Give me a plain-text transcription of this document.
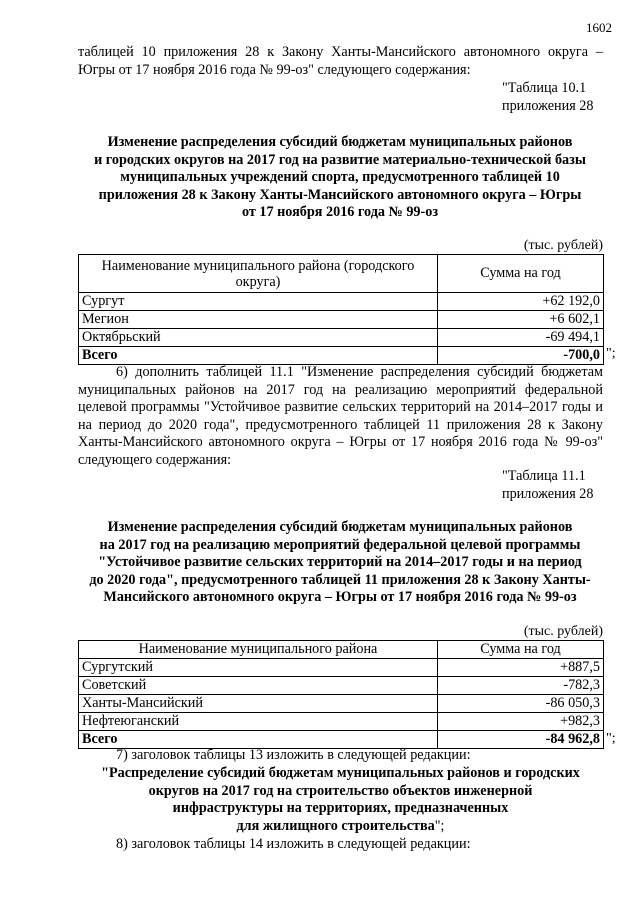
1602
таблицей 10 приложения 28 к Закону Ханты-Мансийского автономного округа – Югры от 17 ноября 2016 года № 99-оз" следующего содержания:
"Таблица 10.1
приложения 28
Изменение распределения субсидий бюджетам муниципальных районов
и городских округов на 2017 год на развитие материально-технической базы
муниципальных учреждений спорта, предусмотренного таблицей 10
приложения 28 к Закону Ханты-Мансийского автономного округа – Югры
от 17 ноября 2016 года № 99-оз
(тыс. рублей)
Наименование муниципального района (городского округа)	Сумма на год
Сургут	+62 192,0
Мегион	+6 602,1
Октябрьский	-69 494,1
Всего	-700,0 ";
6) дополнить таблицей 11.1 "Изменение распределения субсидий бюджетам муниципальных районов на 2017 год на реализацию мероприятий федеральной целевой программы "Устойчивое развитие сельских территорий на 2014–2017 годы и на период до 2020 года", предусмотренного таблицей 11 приложения 28 к Закону Ханты-Мансийского автономного округа – Югры от 17 ноября 2016 года № 99-оз" следующего содержания:
"Таблица 11.1
приложения 28
Изменение распределения субсидий бюджетам муниципальных районов
на 2017 год на реализацию мероприятий федеральной целевой программы
"Устойчивое развитие сельских территорий на 2014–2017 годы и на период
до 2020 года", предусмотренного таблицей 11 приложения 28 к Закону Ханты-
Мансийского автономного округа – Югры от 17 ноября 2016 года № 99-оз
(тыс. рублей)
Наименование муниципального района	Сумма на год
Сургутский	+887,5
Советский	-782,3
Ханты-Мансийский	-86 050,3
Нефтеюганский	+982,3
Всего	-84 962,8 ";
7) заголовок таблицы 13 изложить в следующей редакции:
"Распределение субсидий бюджетам муниципальных районов и городских
округов на 2017 год на строительство объектов инженерной
инфраструктуры на территориях, предназначенных
для жилищного строительства";
8) заголовок таблицы 14 изложить в следующей редакции:
